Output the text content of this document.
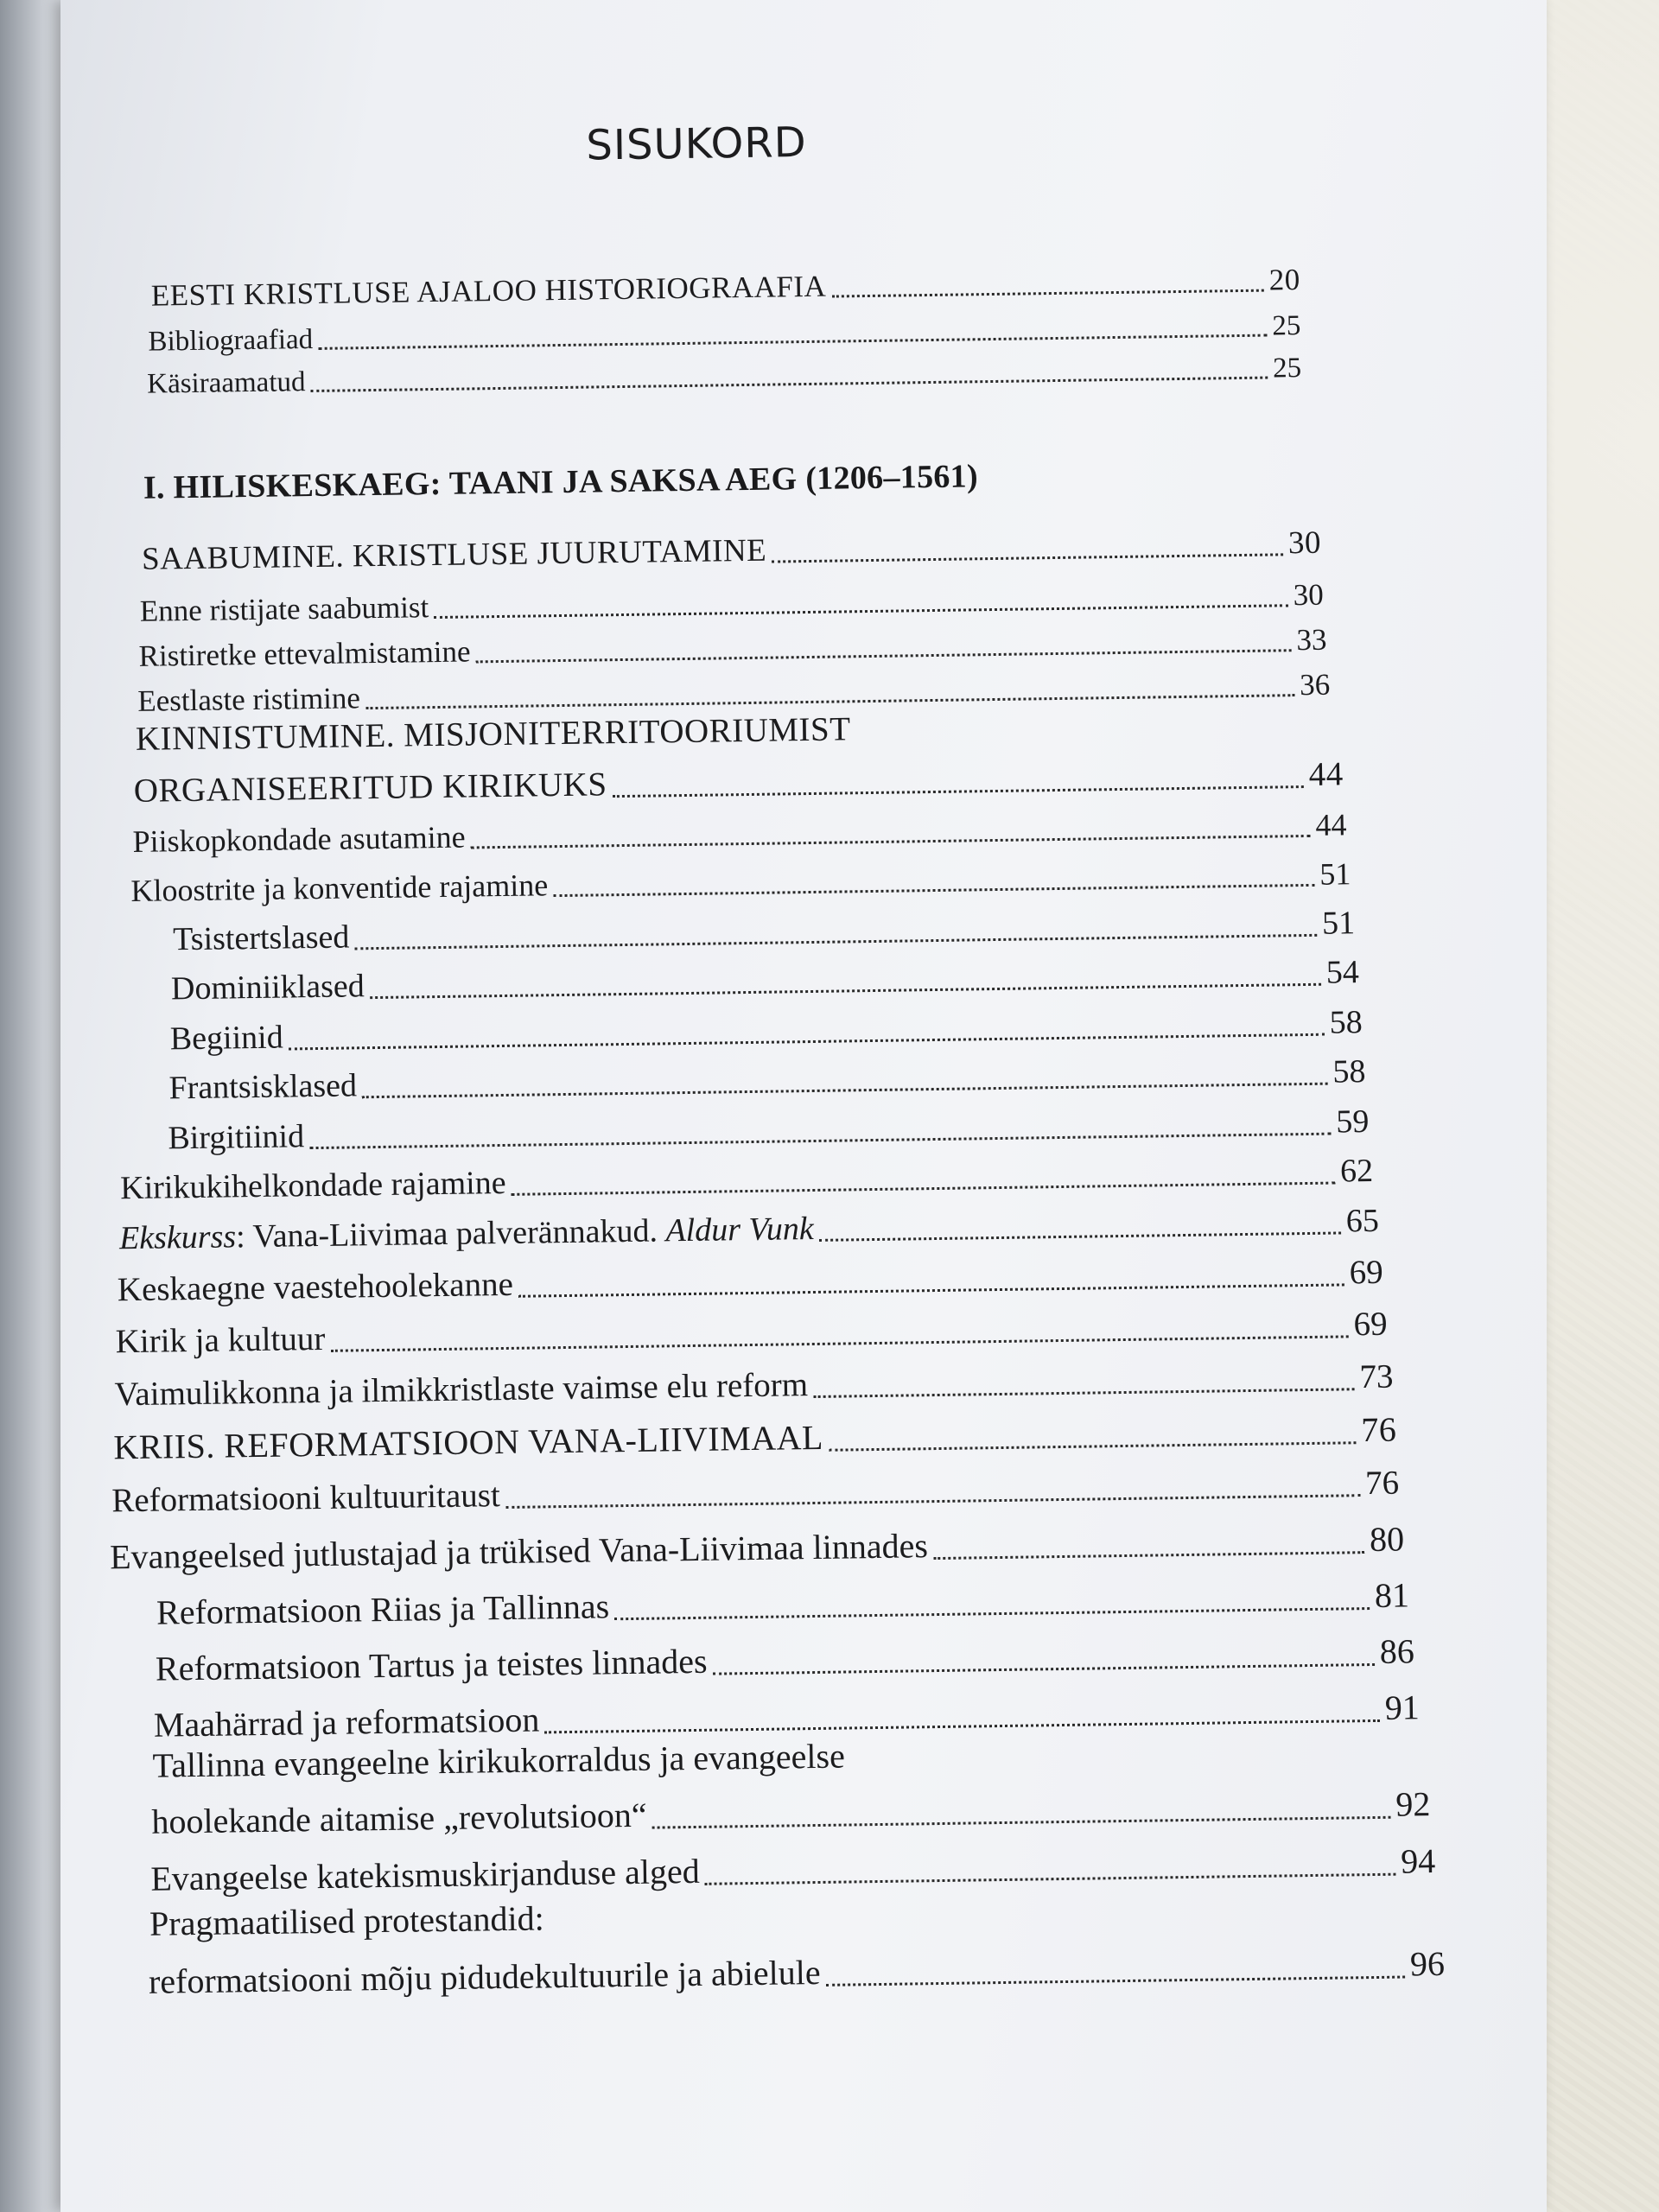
SISUKORD
EESTI KRISTLUSE AJALOO HISTORIOGRAAFIA	20
Bibliograafiad	25
Käsiraamatud	25
I. HILISKESKAEG: TAANI JA SAKSA AEG (1206–1561)
SAABUMINE. KRISTLUSE JUURUTAMINE	30
Enne ristijate saabumist	30
Ristiretke ettevalmistamine	33
Eestlaste ristimine	36
KINNISTUMINE. MISJONITERRITOORIUMIST
ORGANISEERITUD KIRIKUKS	44
Piiskopkondade asutamine	44
Kloostrite ja konventide rajamine	51
Tsistertslased	51
Dominiiklased	54
Begiinid	58
Frantsisklased	58
Birgitiinid	59
Kirikukihelkondade rajamine	62
Ekskurss: Vana-Liivimaa palverännakud. Aldur Vunk	65
Keskaegne vaestehoolekanne	69
Kirik ja kultuur	69
Vaimulikkonna ja ilmikkristlaste vaimse elu reform	73
KRIIS. REFORMATSIOON VANA-LIIVIMAAL	76
Reformatsiooni kultuuritaust	76
Evangeelsed jutlustajad ja trükised Vana-Liivimaa linnades	80
Reformatsioon Riias ja Tallinnas	81
Reformatsioon Tartus ja teistes linnades	86
Maahärrad ja reformatsioon	91
Tallinna evangeelne kirikukorraldus ja evangeelse
hoolekande aitamise „revolutsioon“	92
Evangeelse katekismuskirjanduse alged	94
Pragmaatilised protestandid:
reformatsiooni mõju pidudekultuurile ja abielule	96
